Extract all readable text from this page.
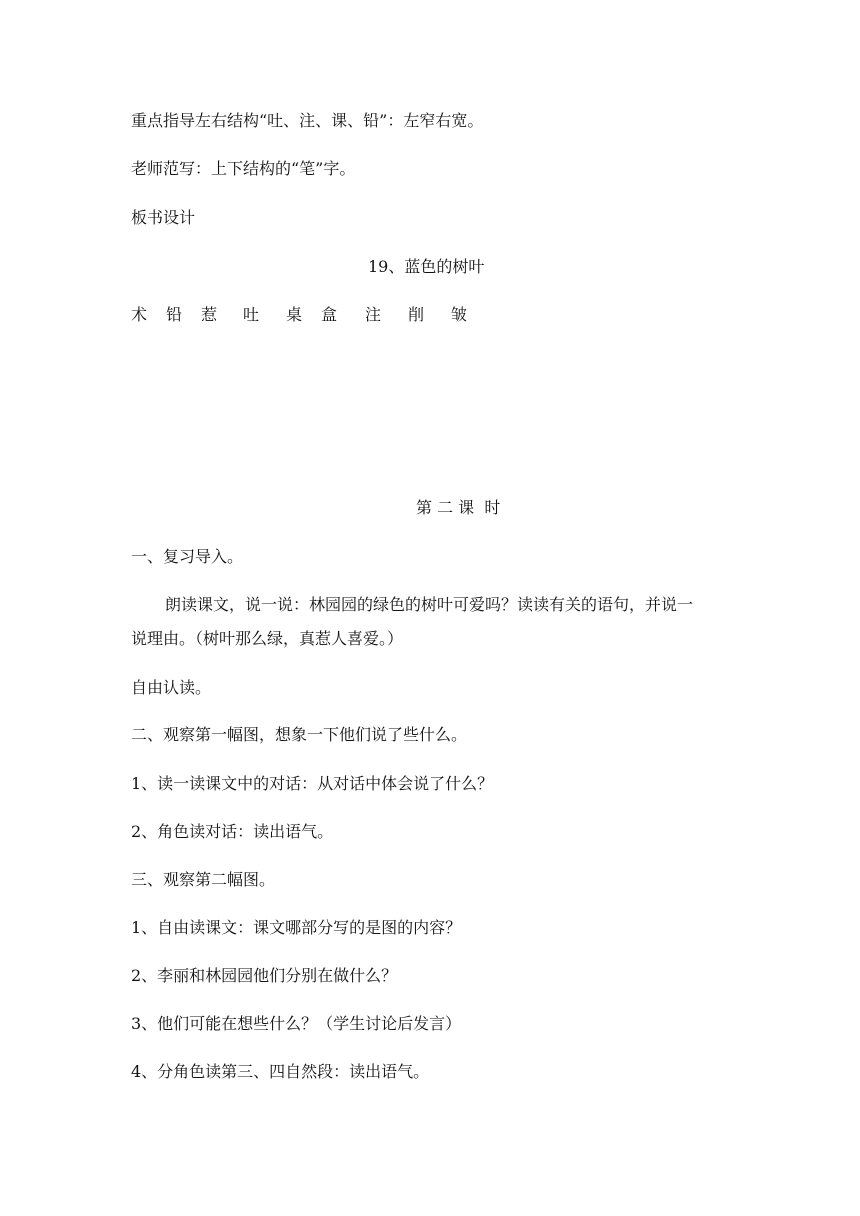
重点指导左右结构“吐、注、课、铅”：左窄右宽。
老师范写：上下结构的“笔”字。
板书设计
19、蓝色的树叶
术 铅 惹 吐 桌 盒 注 削 皱
第 二 课  时
一、复习导入。
朗读课文，说一说：林园园的绿色的树叶可爱吗？读读有关的语句，并说一
说理由。（树叶那么绿，真惹人喜爱。）
自由认读。
二、观察第一幅图，想象一下他们说了些什么。
1、读一读课文中的对话：从对话中体会说了什么？
2、角色读对话：读出语气。
三、观察第二幅图。
1、自由读课文：课文哪部分写的是图的内容？
2、李丽和林园园他们分别在做什么？
3、他们可能在想些什么？（学生讨论后发言）
4、分角色读第三、四自然段：读出语气。
